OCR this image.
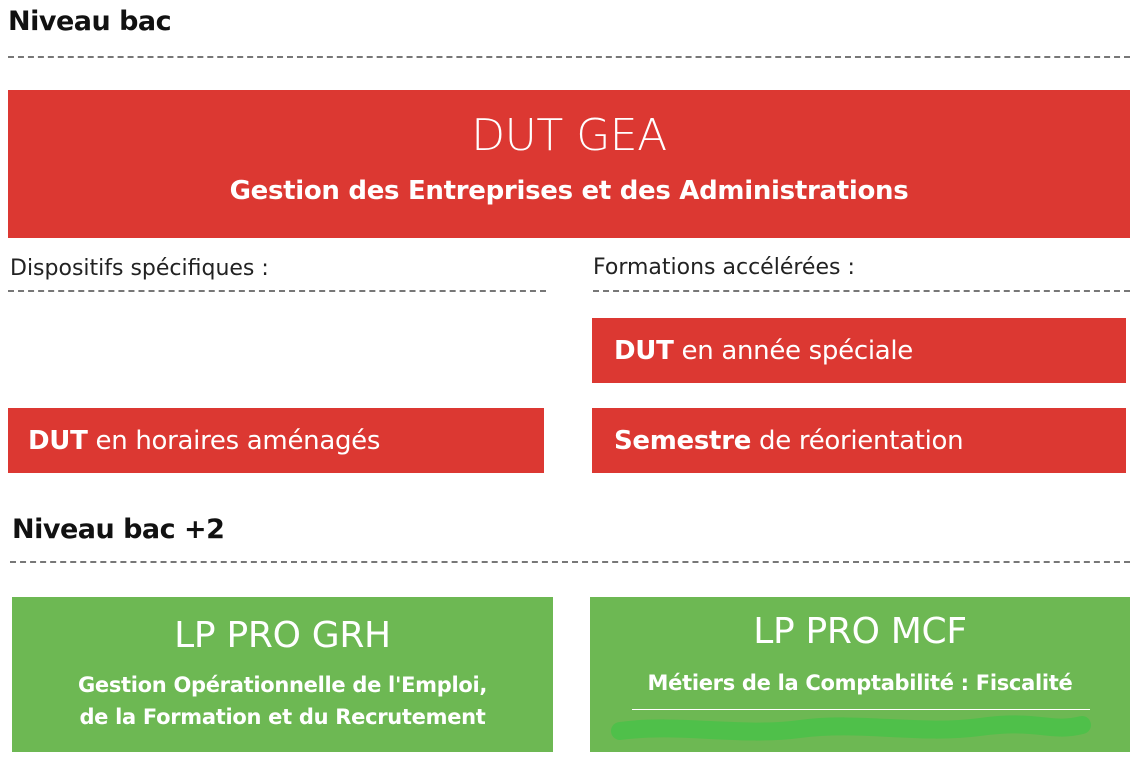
Niveau bac
DUT GEA
Gestion des Entreprises et des Administrations
Dispositifs spécifiques :
DUT en horaires aménagés
Formations accélérées :
DUT en année spéciale
Semestre de réorientation
Niveau bac +2
LP PRO GRH
Gestion Opérationnelle de l'Emploi,
de la Formation et du Recrutement
LP PRO MCF
Métiers de la Comptabilité : Fiscalité
